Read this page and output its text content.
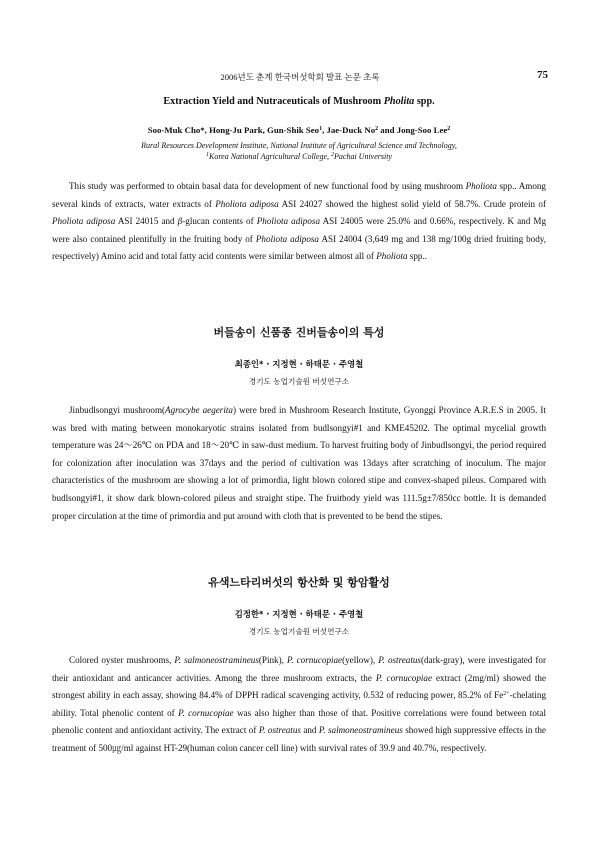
2006년도 춘계 한국버섯학회 발표 논문 초록	75
Extraction Yield and Nutraceuticals of Mushroom Pholita spp.
Soo-Muk Cho*, Hong-Ju Park, Gun-Shik Seo$^1$, Jae-Duck No$^2$ and Jong-Soo Lee$^2$
Rural Resources Development Institute, National Institute of Agricultural Science and Technology,
$^1$Korea National Agricultural College, $^2$Pachai University

This study was performed to obtain basal data for development of new functional food by using mushroom Pholiota spp.. Among several kinds of extracts, water extracts of Pholiota adiposa ASI 24027 showed the highest solid yield of 58.7%. Crude protein of Pholiota adiposa ASI 24015 and β-glucan contents of Pholiota adiposa ASI 24005 were 25.0% and 0.66%, respectively. K and Mg were also contained plentifully in the fruiting body of Pholiota adiposa ASI 24004 (3,649 mg and 138 mg/100g dried fruiting body, respectively) Amino acid and total fatty acid contents were similar between almost all of Pholiota spp..

버들송이 신품종 진버들송이의 특성
최종인* · 지정현 · 하태문 · 주영철
경기도 농업기술원 버섯연구소

Jinbudlsongyi mushroom(Agrocybe aegerita) were bred in Mushroom Research Institute, Gyonggi Province A.R.E.S in 2005. It was bred with mating between monokaryotic strains isolated from budlsongyi#1 and KME45202. The optimal mycelial growth temperature was 24～26℃ on PDA and 18～20℃ in saw-dust medium. To harvest fruiting body of Jinbudlsongyi, the period required for colonization after inoculation was 37days and the period of cultivation was 13days after scratching of inoculum. The major characteristics of the mushroom are showing a lot of primordia, light blown colored stipe and convex-shaped pileus. Compared with budlsongyi#1, it show dark blown-colored pileus and straight stipe. The fruitbody yield was 111.5g±7/850cc bottle. It is demanded proper circulation at the time of primordia and put around with cloth that is prevented to be bend the stipes.

유색느타리버섯의 항산화 및 항암활성
김정한* · 지정현 · 하태문 · 주영철
경기도 농업기술원 버섯연구소

Colored oyster mushrooms, P. salmoneostramineus(Pink), P. cornucopiae(yellow), P. ostreatus(dark-gray), were investigated for their antioxidant and anticancer activities. Among the three mushroom extracts, the P. cornucopiae extract (2mg/ml) showed the strongest ability in each assay, showing 84.4% of DPPH radical scavenging activity, 0.532 of reducing power, 85.2% of $Fe^{2+}$-chelating ability. Total phenolic content of P. cornucopiae was also higher than those of that. Positive correlations were found between total phenolic content and antioxidant activity. The extract of P. ostreatus and P. salmoneostramineus showed high suppressive effects in the treatment of 500㎍/ml against HT-29(human colon cancer cell line) with survival rates of 39.9 and 40.7%, respectively.
